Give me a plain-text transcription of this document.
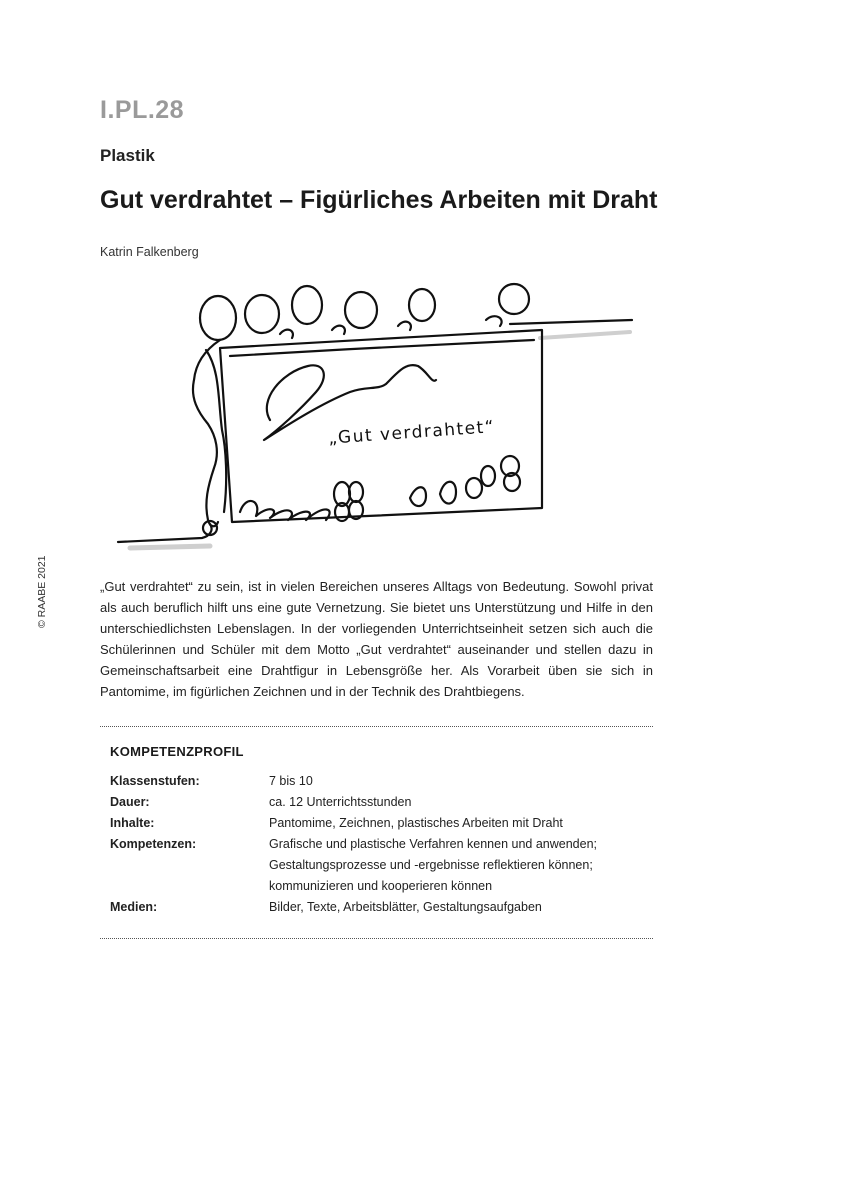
I.PL.28
Plastik
Gut verdrahtet – Figürliches Arbeiten mit Draht
Katrin Falkenberg
„Gut verdrahtet“
© RAABE 2021	„Gut verdrahtet“ zu sein, ist in vielen Bereichen unseres Alltags von Bedeutung. Sowohl privat als auch beruflich hilft uns eine gute Vernetzung. Sie bietet uns Unterstützung und Hilfe in den unterschiedlichsten Lebenslagen. In der vorliegenden Unterrichtseinheit setzen sich auch die Schülerinnen und Schüler mit dem Motto „Gut verdrahtet“ auseinander und stellen dazu in Gemeinschaftsarbeit eine Drahtfigur in Lebensgröße her. Als Vorarbeit üben sie sich in Pantomime, im figürlichen Zeichnen und in der Technik des Drahtbiegens.

KOMPETENZPROFIL
Klassenstufen:	7 bis 10
Dauer:	ca. 12 Unterrichtsstunden
Inhalte:	Pantomime, Zeichnen, plastisches Arbeiten mit Draht
Kompetenzen:	Grafische und plastische Verfahren kennen und anwenden;
Gestaltungsprozesse und -ergebnisse reflektieren können;
kommunizieren und kooperieren können
Medien:	Bilder, Texte, Arbeitsblätter, Gestaltungsaufgaben
